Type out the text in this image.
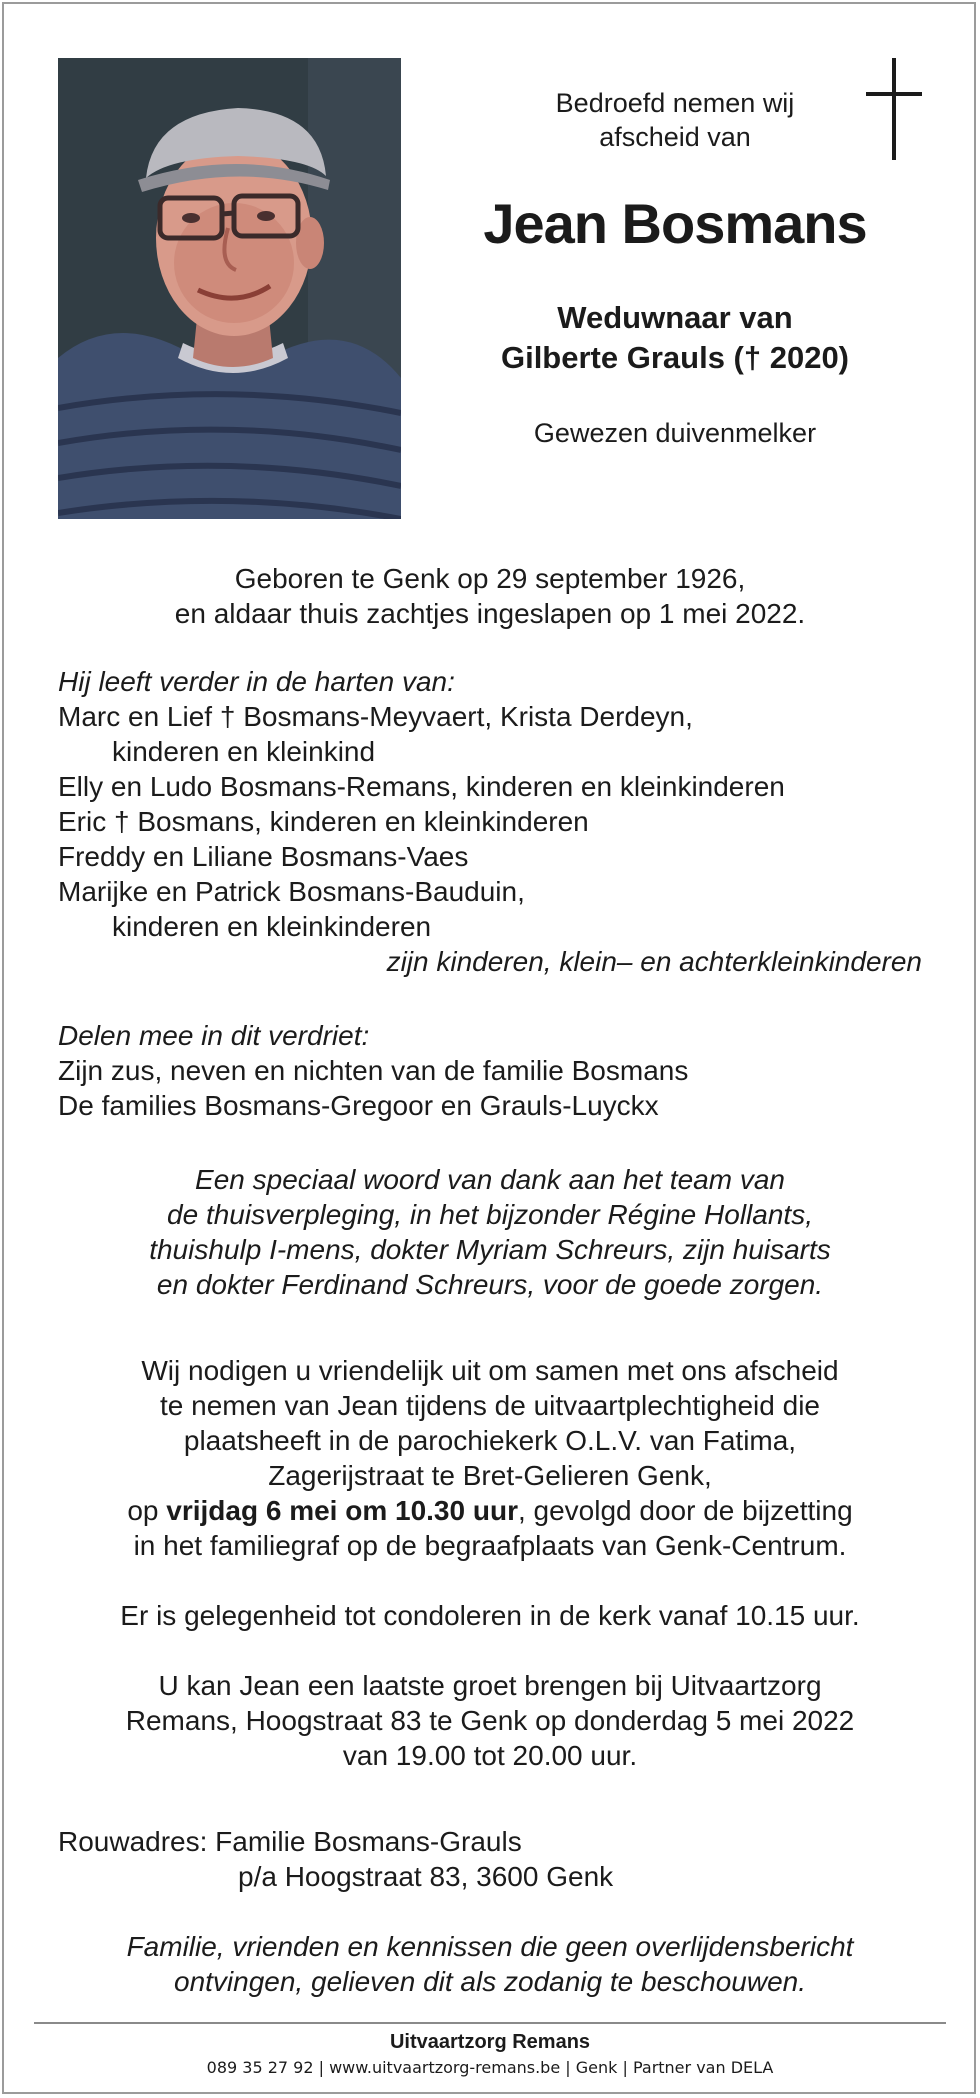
Bedroefd nemen wij
afscheid van
Jean Bosmans
Weduwnaar van
Gilberte Grauls († 2020)
Gewezen duivenmelker
Geboren te Genk op 29 september 1926,
en aldaar thuis zachtjes ingeslapen op 1 mei 2022.
Hij leeft verder in de harten van:
Marc en Lief † Bosmans-Meyvaert, Krista Derdeyn,
kinderen en kleinkind
Elly en Ludo Bosmans-Remans, kinderen en kleinkinderen
Eric † Bosmans, kinderen en kleinkinderen
Freddy en Liliane Bosmans-Vaes
Marijke en Patrick Bosmans-Bauduin,
kinderen en kleinkinderen
zijn kinderen, klein– en achterkleinkinderen
Delen mee in dit verdriet:
Zijn zus, neven en nichten van de familie Bosmans
De families Bosmans-Gregoor en Grauls-Luyckx
Een speciaal woord van dank aan het team van
de thuisverpleging, in het bijzonder Régine Hollants,
thuishulp I-mens, dokter Myriam Schreurs, zijn huisarts
en dokter Ferdinand Schreurs, voor de goede zorgen.
Wij nodigen u vriendelijk uit om samen met ons afscheid
te nemen van Jean tijdens de uitvaartplechtigheid die
plaatsheeft in de parochiekerk O.L.V. van Fatima,
Zagerijstraat te Bret-Gelieren Genk,
op vrijdag 6 mei om 10.30 uur, gevolgd door de bijzetting
in het familiegraf op de begraafplaats van Genk-Centrum.
Er is gelegenheid tot condoleren in de kerk vanaf 10.15 uur.
U kan Jean een laatste groet brengen bij Uitvaartzorg
Remans, Hoogstraat 83 te Genk op donderdag 5 mei 2022
van 19.00 tot 20.00 uur.
Rouwadres: Familie Bosmans-Grauls
p/a Hoogstraat 83, 3600 Genk
Familie, vrienden en kennissen die geen overlijdensbericht
ontvingen, gelieven dit als zodanig te beschouwen.
Uitvaartzorg Remans
089 35 27 92 | www.uitvaartzorg-remans.be | Genk | Partner van DELA
